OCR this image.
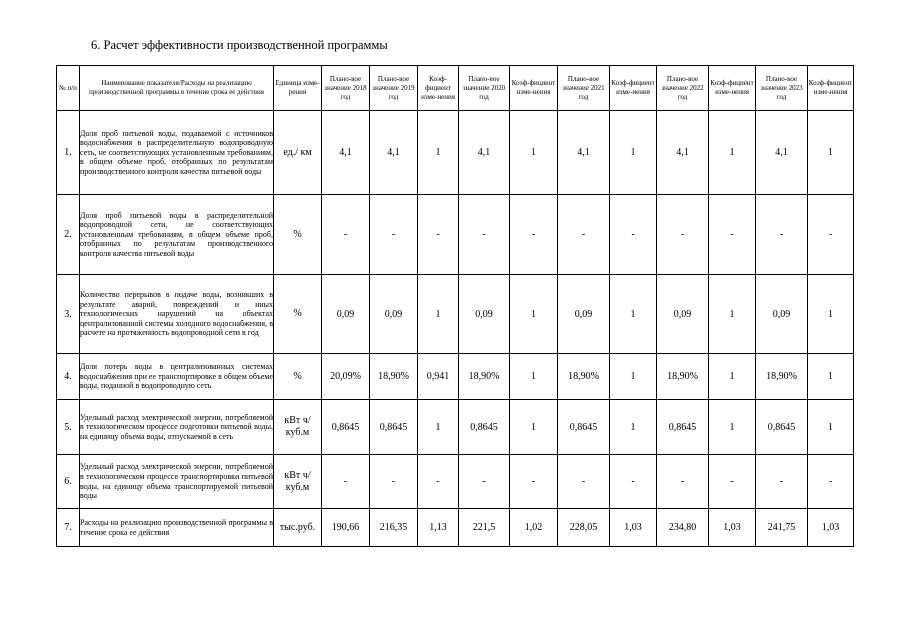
6. Расчет эффективности производственной программы
№ п/п	Наименование показателя/Расходы на реализацию производственной программы в течение срока ее действия	Единица изме-рения	Плано-вое значение 2018 год	Плано-вое значение 2019 год	Коэф-фициент изме-нения	Плано-вое значение 2020 год	Коэф-фициент изме-нения	Плано-вое значение 2021 год	Коэф-фициент изме-нения	Плано-вое значение 2022 год	Коэф-фициент изме-нения	Плано-вое значение 2023 год	Коэф-фициент изме-нения
1.	Доля проб питьевой воды, подаваемой с источников водоснабжения в распределительную водопроводную сеть, не соответствующих установленным требованиям, в общем объеме проб, отобранных по результатам производственного контроля качества питьевой воды	ед./ км	4,1	4,1	1	4,1	1	4,1	1	4,1	1	4,1	1
2.	Доля проб питьевой воды в распределительной водопроводной сети, не соответствующих установленным требованиям, в общем объеме проб, отобранных по результатам производственного контроля качества питьевой воды	%	-	-	-	-	-	-	-	-	-	-	-
3.	Количество перерывов в подаче воды, возникших в результате аварий, повреждений и иных технологических нарушений на объектах централизованной системы холодного водоснабжения, в расчете на протяженность водопроводной сети в год	%	0,09	0,09	1	0,09	1	0,09	1	0,09	1	0,09	1
4.	Доля потерь воды в централизованных системах водоснабжения при ее транспортировке в общем объеме воды, поданной в водопроводную сеть	%	20,09%	18,90%	0,941	18,90%	1	18,90%	1	18,90%	1	18,90%	1
5.	Удельный расход электрической энергии, потребляемой в технологическом процессе подготовки питьевой воды, на единицу объема воды, отпускаемой в сеть	кВт ч/куб.м	0,8645	0,8645	1	0,8645	1	0,8645	1	0,8645	1	0,8645	1
6.	Удельный расход электрической энергии, потребляемой в технологическом процессе транспортировки питьевой воды, на единицу объема транспортируемой питьевой воды	кВт ч/куб.м	-	-	-	-	-	-	-	-	-	-	-
7.	Расходы на реализацию производственной программы в течение срока ее действия	тыс.руб.	190,66	216,35	1,13	221,5	1,02	228,05	1,03	234,80	1,03	241,75	1,03
